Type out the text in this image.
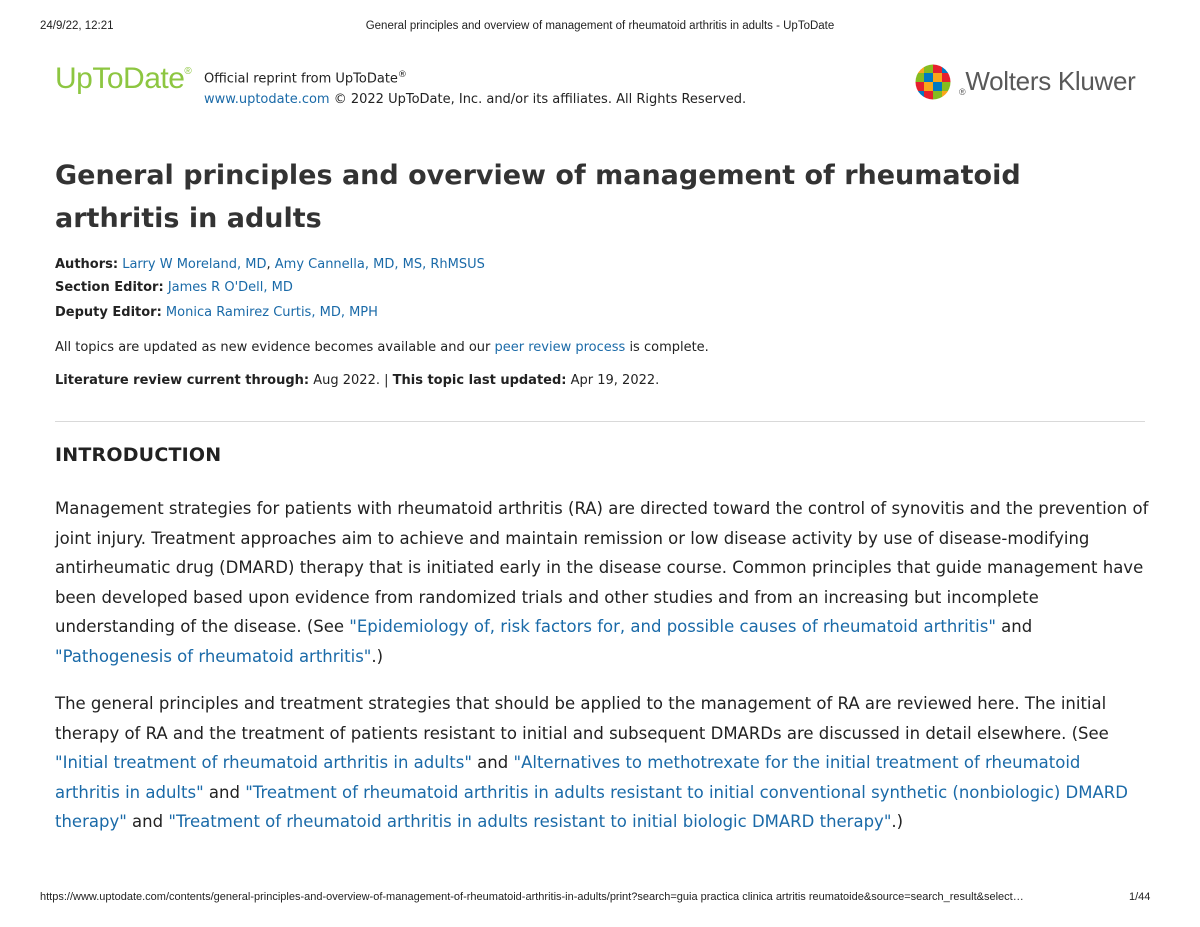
24/9/22, 12:21	General principles and overview of management of rheumatoid arthritis in adults - UpToDate
UpToDate® Official reprint from UpToDate®
www.uptodate.com © 2022 UpToDate, Inc. and/or its affiliates. All Rights Reserved.
®Wolters Kluwer
General principles and overview of management of rheumatoid arthritis in adults

Authors: Larry W Moreland, MD, Amy Cannella, MD, MS, RhMSUS

Section Editor: James R O'Dell, MD

Deputy Editor: Monica Ramirez Curtis, MD, MPH

All topics are updated as new evidence becomes available and our peer review process is complete.

Literature review current through: Aug 2022. | This topic last updated: Apr 19, 2022.

INTRODUCTION

Management strategies for patients with rheumatoid arthritis (RA) are directed toward the control of synovitis and the prevention of joint injury. Treatment approaches aim to achieve and maintain remission or low disease activity by use of disease-modifying antirheumatic drug (DMARD) therapy that is initiated early in the disease course. Common principles that guide management have been developed based upon evidence from randomized trials and other studies and from an increasing but incomplete understanding of the disease. (See "Epidemiology of, risk factors for, and possible causes of rheumatoid arthritis" and "Pathogenesis of rheumatoid arthritis".)

The general principles and treatment strategies that should be applied to the management of RA are reviewed here. The initial therapy of RA and the treatment of patients resistant to initial and subsequent DMARDs are discussed in detail elsewhere. (See "Initial treatment of rheumatoid arthritis in adults" and "Alternatives to methotrexate for the initial treatment of rheumatoid arthritis in adults" and "Treatment of rheumatoid arthritis in adults resistant to initial conventional synthetic (nonbiologic) DMARD therapy" and "Treatment of rheumatoid arthritis in adults resistant to initial biologic DMARD therapy".)

https://www.uptodate.com/contents/general-principles-and-overview-of-management-of-rheumatoid-arthritis-in-adults/print?search=guia practica clinica artritis reumatoide&source=search_result&select…	1/44
